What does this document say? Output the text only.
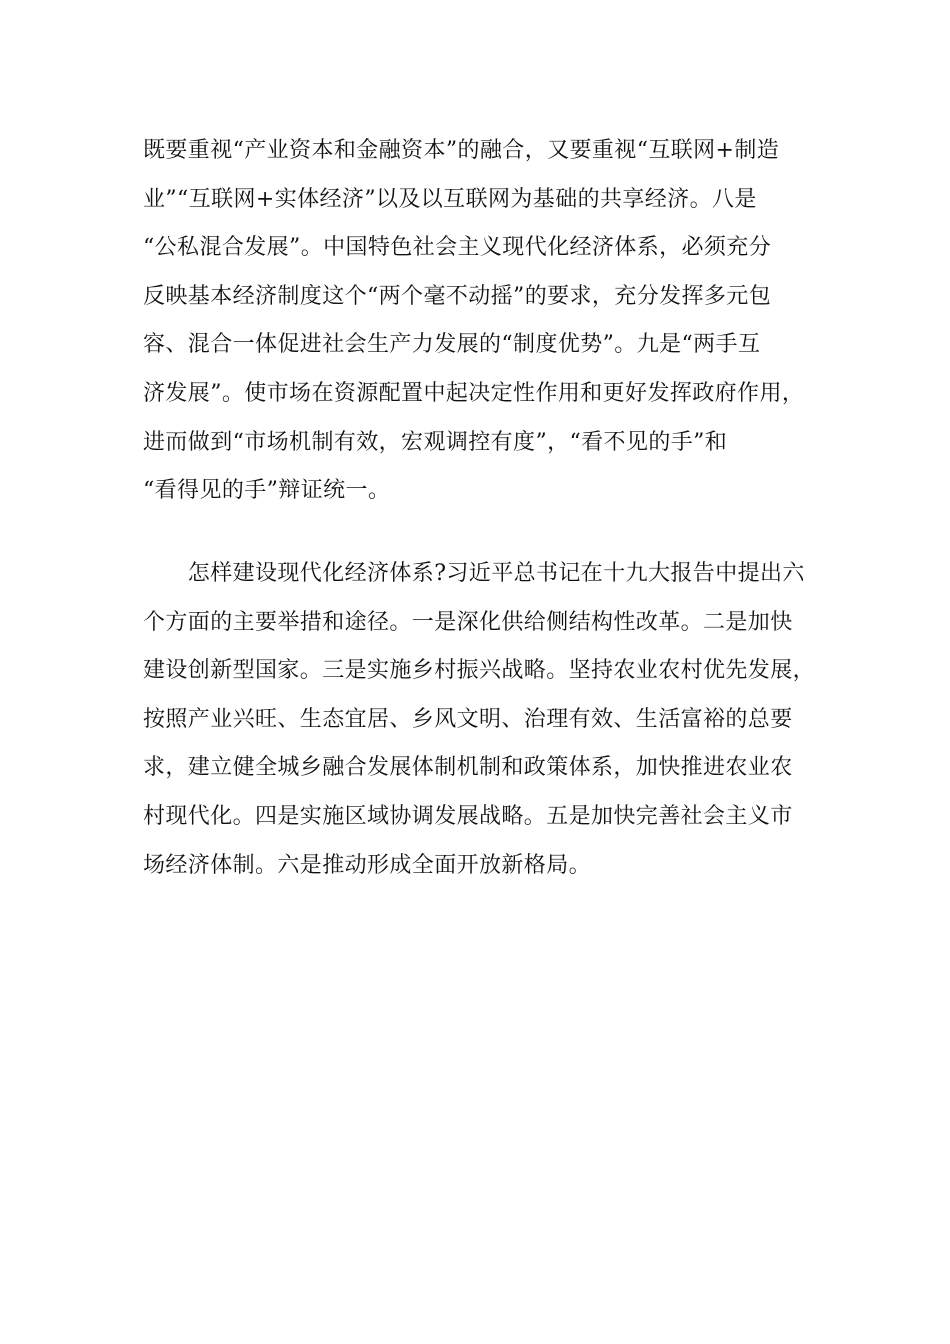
既要重视“产业资本和金融资本”的融合，又要重视“互联网+制造
业”“互联网+实体经济”以及以互联网为基础的共享经济。八是
“公私混合发展”。中国特色社会主义现代化经济体系，必须充分
反映基本经济制度这个“两个毫不动摇”的要求，充分发挥多元包
容、混合一体促进社会生产力发展的“制度优势”。九是“两手互
济发展”。使市场在资源配置中起决定性作用和更好发挥政府作用，
进而做到“市场机制有效，宏观调控有度”，“看不见的手”和
“看得见的手”辩证统一。
　　怎样建设现代化经济体系?习近平总书记在十九大报告中提出六
个方面的主要举措和途径。一是深化供给侧结构性改革。二是加快
建设创新型国家。三是实施乡村振兴战略。坚持农业农村优先发展，
按照产业兴旺、生态宜居、乡风文明、治理有效、生活富裕的总要
求，建立健全城乡融合发展体制机制和政策体系，加快推进农业农
村现代化。四是实施区域协调发展战略。五是加快完善社会主义市
场经济体制。六是推动形成全面开放新格局。
